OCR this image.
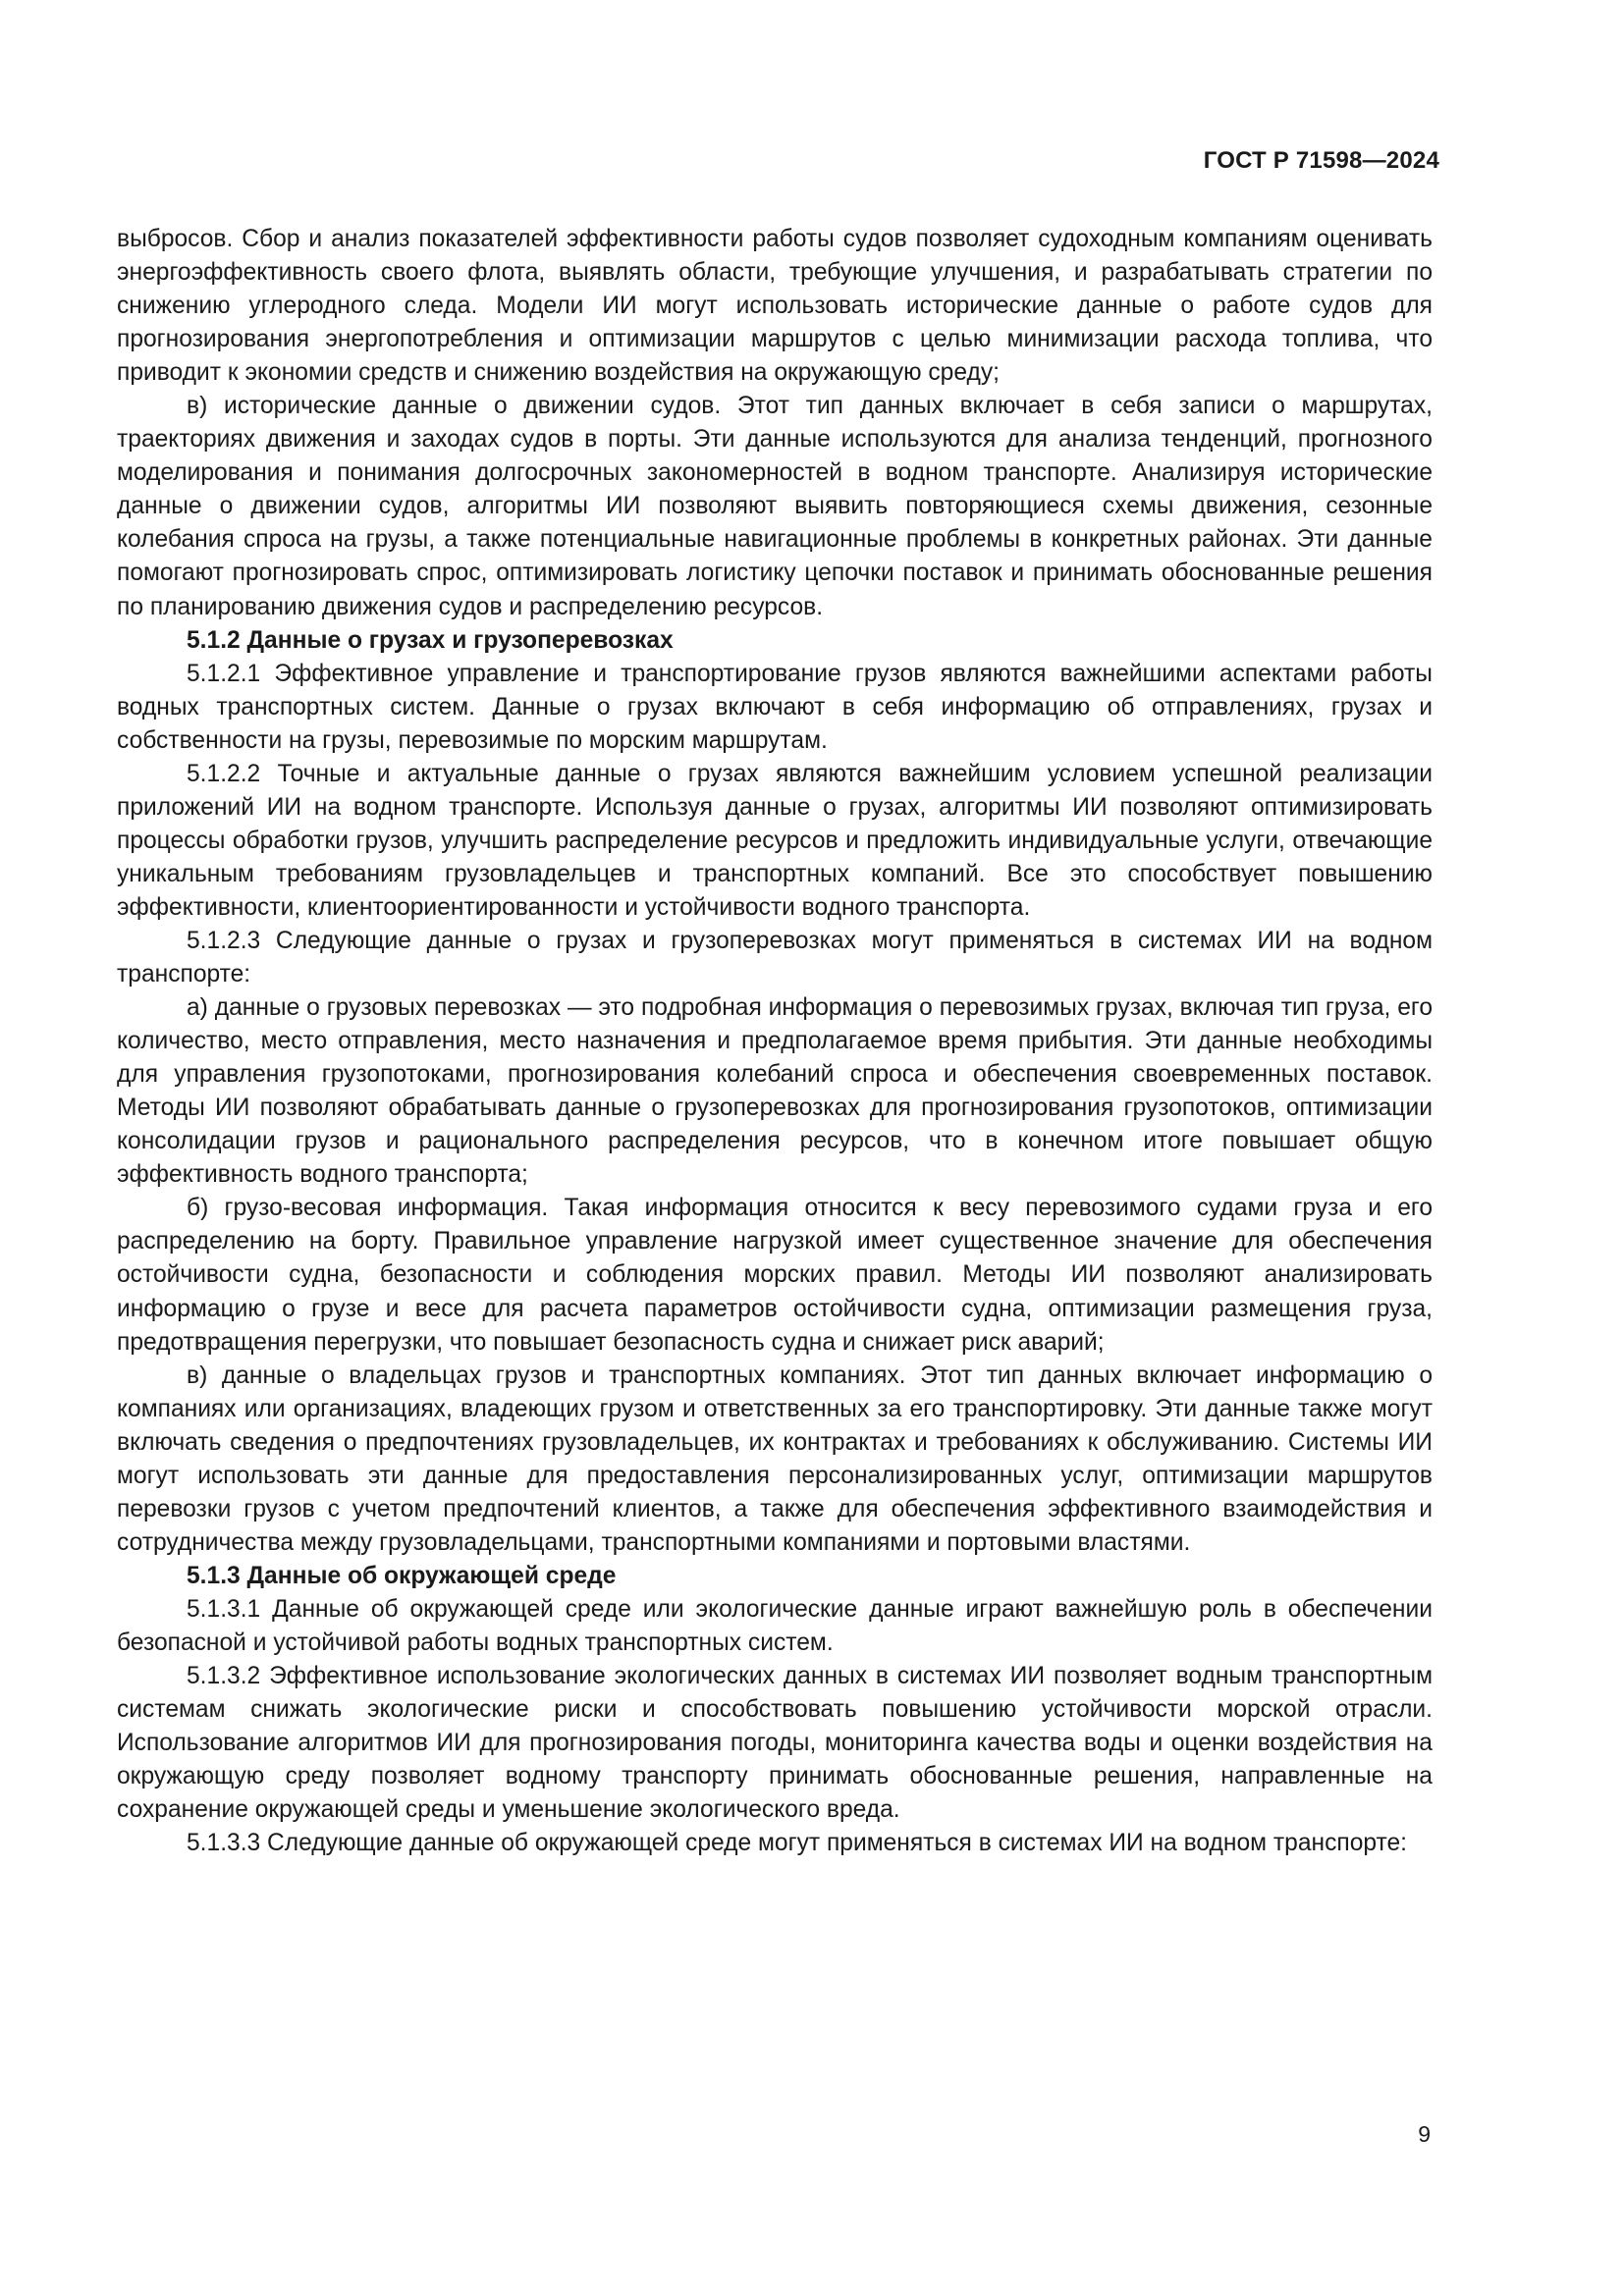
ГОСТ Р 71598—2024

выбросов. Сбор и анализ показателей эффективности работы судов позволяет судоходным компаниям оценивать энергоэффективность своего флота, выявлять области, требующие улучшения, и разрабатывать стратегии по снижению углеродного следа. Модели ИИ могут использовать исторические данные о работе судов для прогнозирования энергопотребления и оптимизации маршрутов с целью минимизации расхода топлива, что приводит к экономии средств и снижению воздействия на окружающую среду;

в) исторические данные о движении судов. Этот тип данных включает в себя записи о маршрутах, траекториях движения и заходах судов в порты. Эти данные используются для анализа тенденций, прогнозного моделирования и понимания долгосрочных закономерностей в водном транспорте. Анализируя исторические данные о движении судов, алгоритмы ИИ позволяют выявить повторяющиеся схемы движения, сезонные колебания спроса на грузы, а также потенциальные навигационные проблемы в конкретных районах. Эти данные помогают прогнозировать спрос, оптимизировать логистику цепочки поставок и принимать обоснованные решения по планированию движения судов и распределению ресурсов.

5.1.2 Данные о грузах и грузоперевозках

5.1.2.1 Эффективное управление и транспортирование грузов являются важнейшими аспектами работы водных транспортных систем. Данные о грузах включают в себя информацию об отправлениях, грузах и собственности на грузы, перевозимые по морским маршрутам.

5.1.2.2 Точные и актуальные данные о грузах являются важнейшим условием успешной реализации приложений ИИ на водном транспорте. Используя данные о грузах, алгоритмы ИИ позволяют оптимизировать процессы обработки грузов, улучшить распределение ресурсов и предложить индивидуальные услуги, отвечающие уникальным требованиям грузовладельцев и транспортных компаний. Все это способствует повышению эффективности, клиентоориентированности и устойчивости водного транспорта.

5.1.2.3 Следующие данные о грузах и грузоперевозках могут применяться в системах ИИ на водном транспорте:

а) данные о грузовых перевозках — это подробная информация о перевозимых грузах, включая тип груза, его количество, место отправления, место назначения и предполагаемое время прибытия. Эти данные необходимы для управления грузопотоками, прогнозирования колебаний спроса и обеспечения своевременных поставок. Методы ИИ позволяют обрабатывать данные о грузоперевозках для прогнозирования грузопотоков, оптимизации консолидации грузов и рационального распределения ресурсов, что в конечном итоге повышает общую эффективность водного транспорта;

б) грузо-весовая информация. Такая информация относится к весу перевозимого судами груза и его распределению на борту. Правильное управление нагрузкой имеет существенное значение для обеспечения остойчивости судна, безопасности и соблюдения морских правил. Методы ИИ позволяют анализировать информацию о грузе и весе для расчета параметров остойчивости судна, оптимизации размещения груза, предотвращения перегрузки, что повышает безопасность судна и снижает риск аварий;

в) данные о владельцах грузов и транспортных компаниях. Этот тип данных включает информацию о компаниях или организациях, владеющих грузом и ответственных за его транспортировку. Эти данные также могут включать сведения о предпочтениях грузовладельцев, их контрактах и требованиях к обслуживанию. Системы ИИ могут использовать эти данные для предоставления персонализированных услуг, оптимизации маршрутов перевозки грузов с учетом предпочтений клиентов, а также для обеспечения эффективного взаимодействия и сотрудничества между грузовладельцами, транспортными компаниями и портовыми властями.

5.1.3 Данные об окружающей среде

5.1.3.1 Данные об окружающей среде или экологические данные играют важнейшую роль в обеспечении безопасной и устойчивой работы водных транспортных систем.

5.1.3.2 Эффективное использование экологических данных в системах ИИ позволяет водным транспортным системам снижать экологические риски и способствовать повышению устойчивости морской отрасли. Использование алгоритмов ИИ для прогнозирования погоды, мониторинга качества воды и оценки воздействия на окружающую среду позволяет водному транспорту принимать обоснованные решения, направленные на сохранение окружающей среды и уменьшение экологического вреда.

5.1.3.3 Следующие данные об окружающей среде могут применяться в системах ИИ на водном транспорте:

9
